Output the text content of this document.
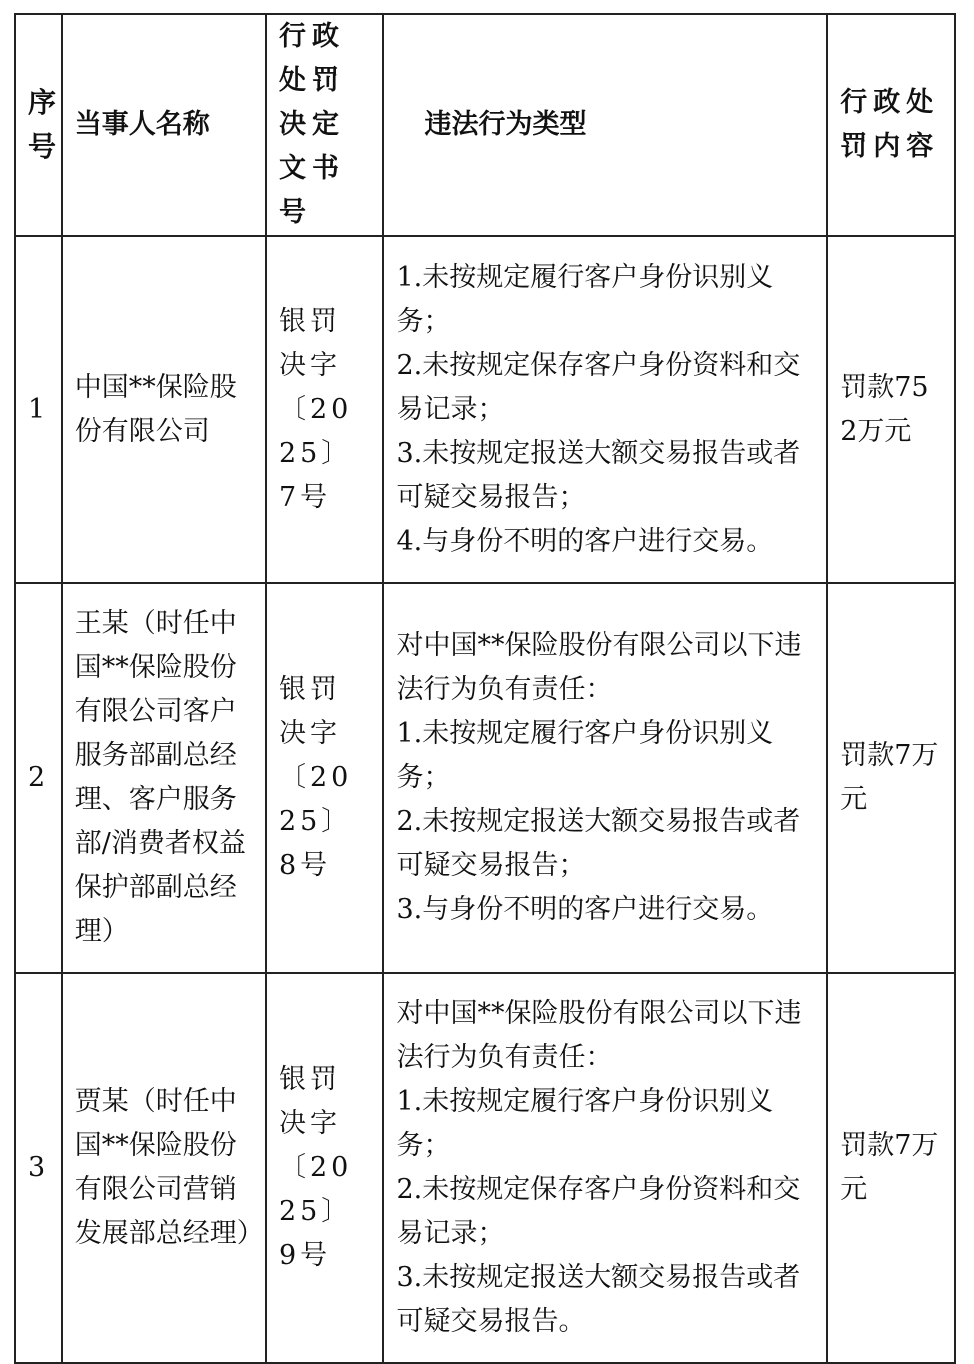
序号	当事人名称	行政处罚决定文书号	违法行为类型	行政处罚内容
1	中国**保险股份有限公司	银罚决字〔2025〕7号	1.未按规定履行客户身份识别义务；
2.未按规定保存客户身份资料和交易记录；
3.未按规定报送大额交易报告或者可疑交易报告；
4.与身份不明的客户进行交易。	罚款752万元
2	王某（时任中国**保险股份有限公司客户服务部副总经理、客户服务部/消费者权益保护部副总经理）	银罚决字〔2025〕8号	对中国**保险股份有限公司以下违法行为负有责任：
1.未按规定履行客户身份识别义务；
2.未按规定报送大额交易报告或者可疑交易报告；
3.与身份不明的客户进行交易。	罚款7万元
3	贾某（时任中国**保险股份有限公司营销发展部总经理）	银罚决字〔2025〕9号	对中国**保险股份有限公司以下违法行为负有责任：
1.未按规定履行客户身份识别义务；
2.未按规定保存客户身份资料和交易记录；
3.未按规定报送大额交易报告或者可疑交易报告。	罚款7万元
